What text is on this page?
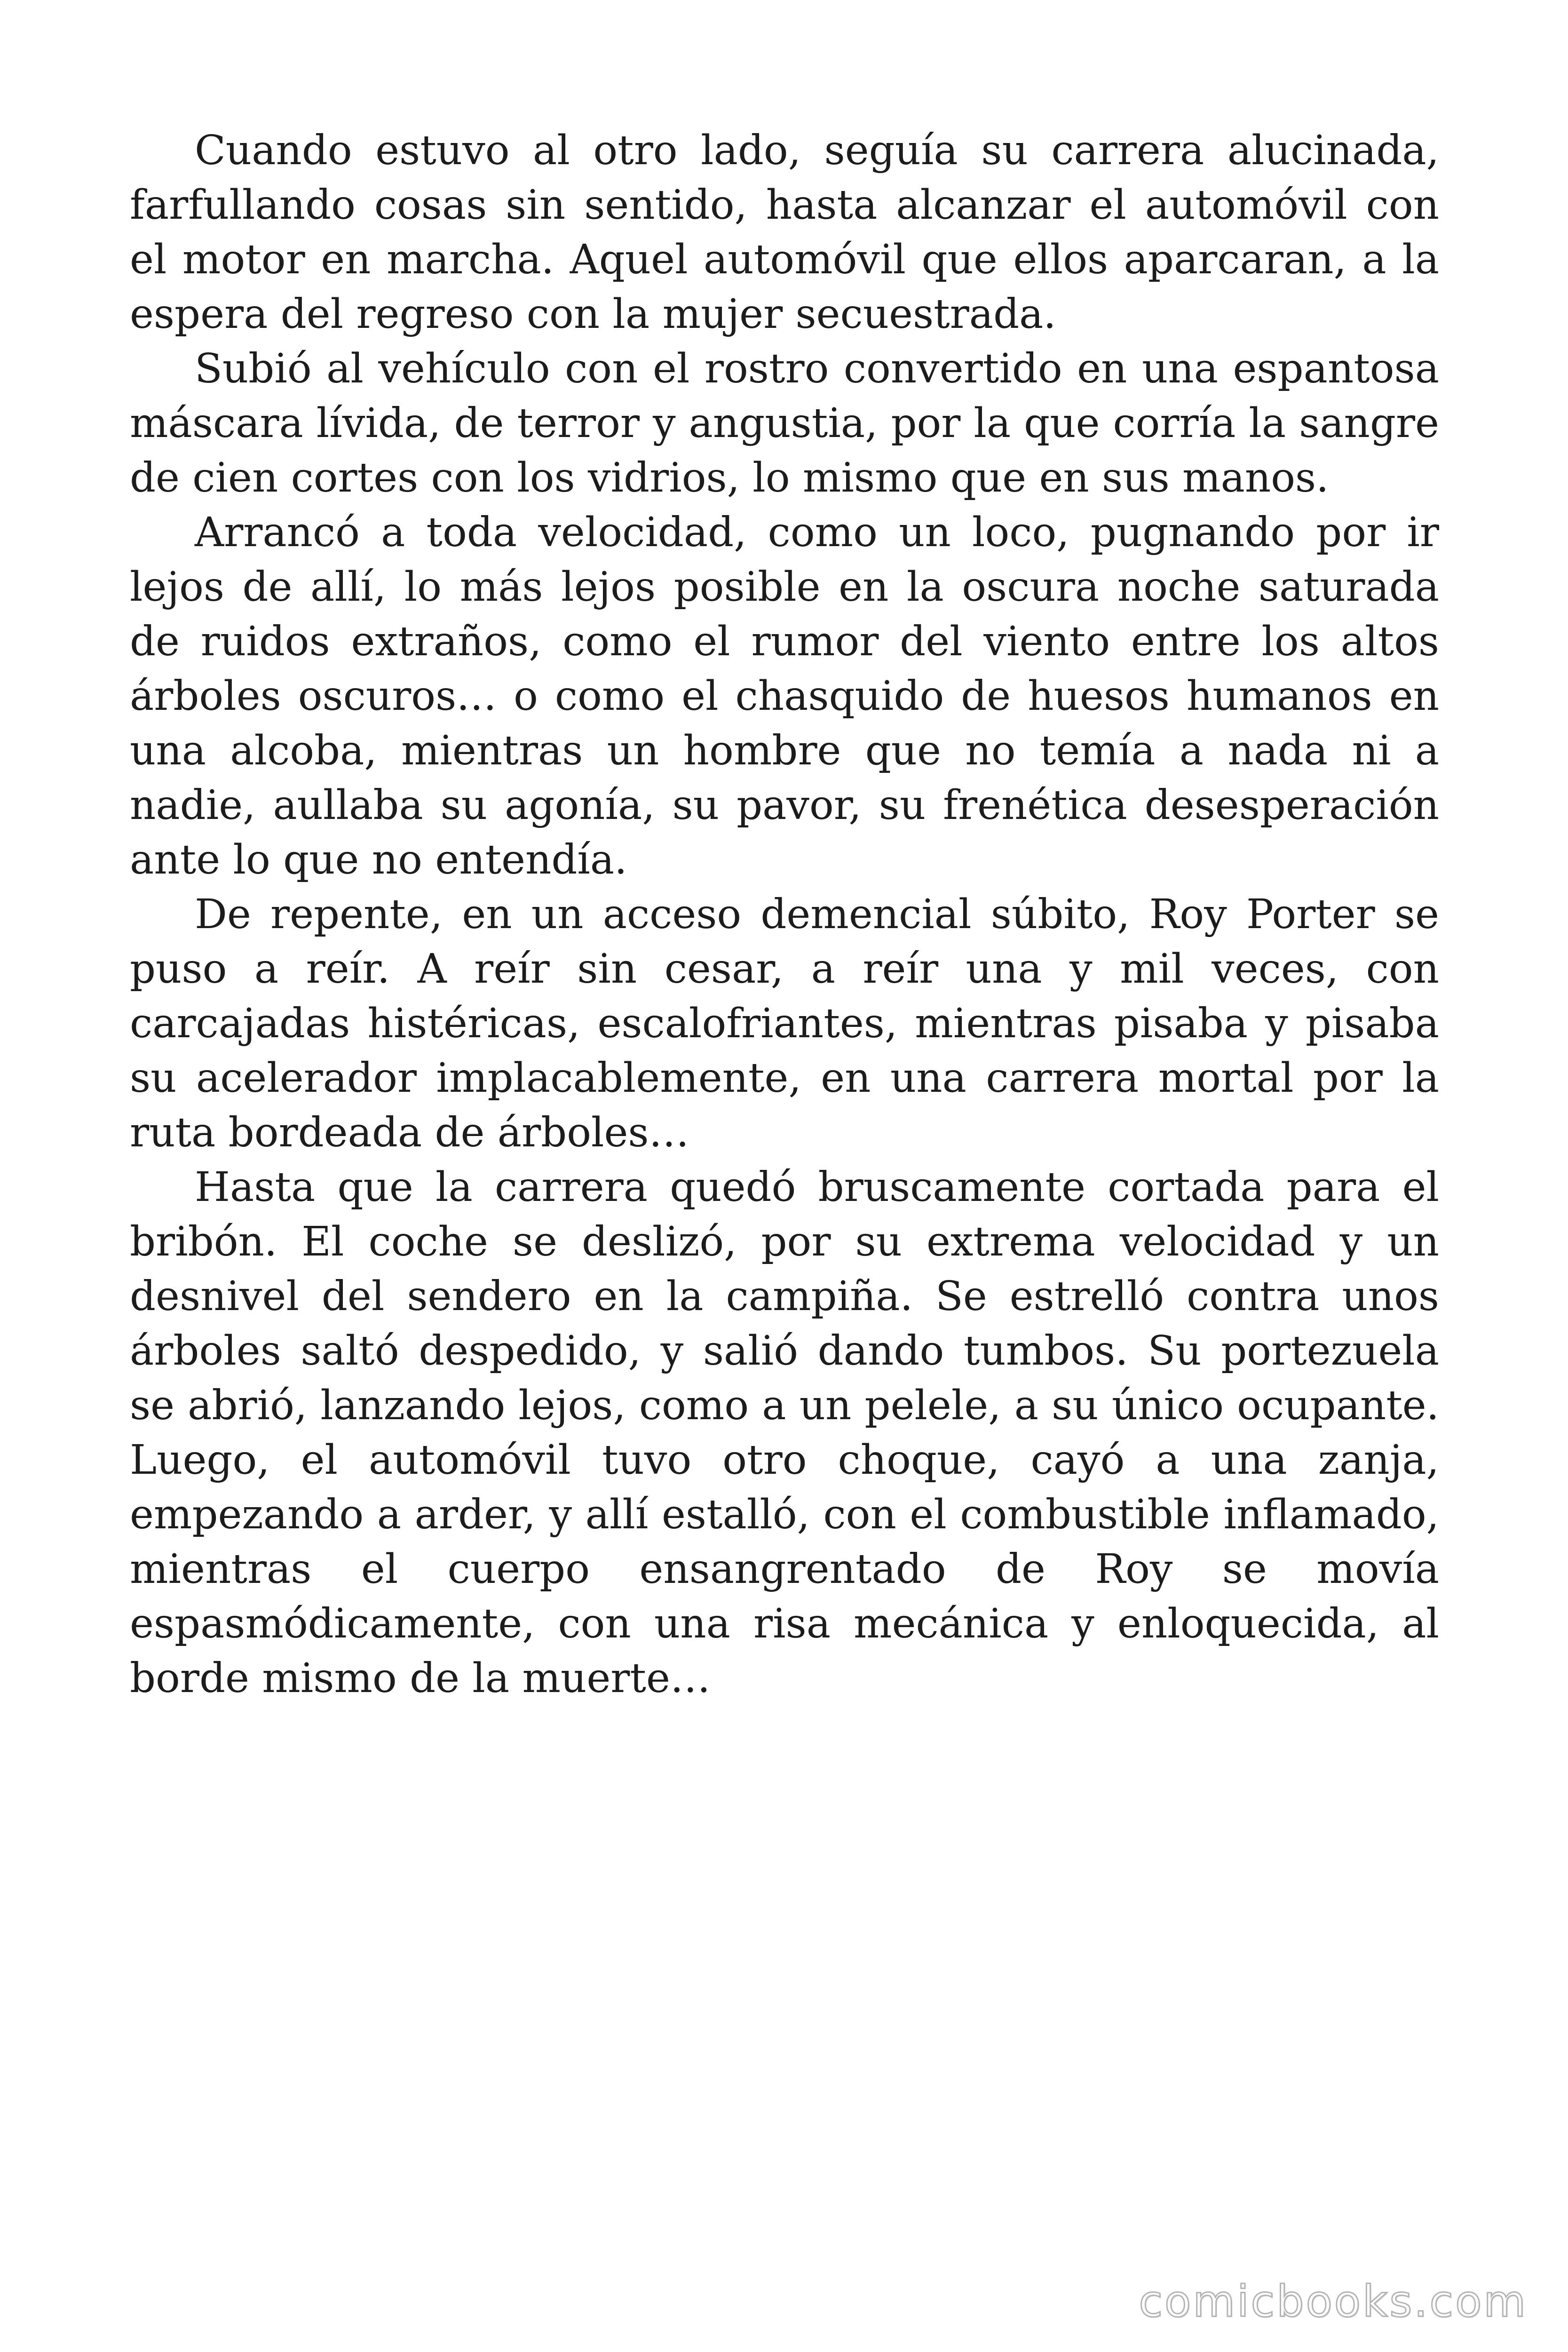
Cuando estuvo al otro lado, seguía su carrera alucinada, farfullando cosas sin sentido, hasta alcanzar el automóvil con el motor en marcha. Aquel automóvil que ellos aparcaran, a la espera del regreso con la mujer secuestrada.

Subió al vehículo con el rostro convertido en una espantosa máscara lívida, de terror y angustia, por la que corría la sangre de cien cortes con los vidrios, lo mismo que en sus manos.

Arrancó a toda velocidad, como un loco, pugnando por ir lejos de allí, lo más lejos posible en la oscura noche saturada de ruidos extraños, como el rumor del viento entre los altos árboles oscuros… o como el chasquido de huesos humanos en una alcoba, mientras un hombre que no temía a nada ni a nadie, aullaba su agonía, su pavor, su frenética desesperación ante lo que no entendía.

De repente, en un acceso demencial súbito, Roy Porter se puso a reír. A reír sin cesar, a reír una y mil veces, con carcajadas histéricas, escalofriantes, mientras pisaba y pisaba su acelerador implacablemente, en una carrera mortal por la ruta bordeada de árboles…

Hasta que la carrera quedó bruscamente cortada para el bribón. El coche se deslizó, por su extrema velocidad y un desnivel del sendero en la campiña. Se estrelló contra unos árboles saltó despedido, y salió dando tumbos. Su portezuela se abrió, lanzando lejos, como a un pelele, a su único ocupante. Luego, el automóvil tuvo otro choque, cayó a una zanja, empezando a arder, y allí estalló, con el combustible inflamado, mientras el cuerpo ensangrentado de Roy se movía espasmódicamente, con una risa mecánica y enloquecida, al borde mismo de la muerte…

comicbooks.com
